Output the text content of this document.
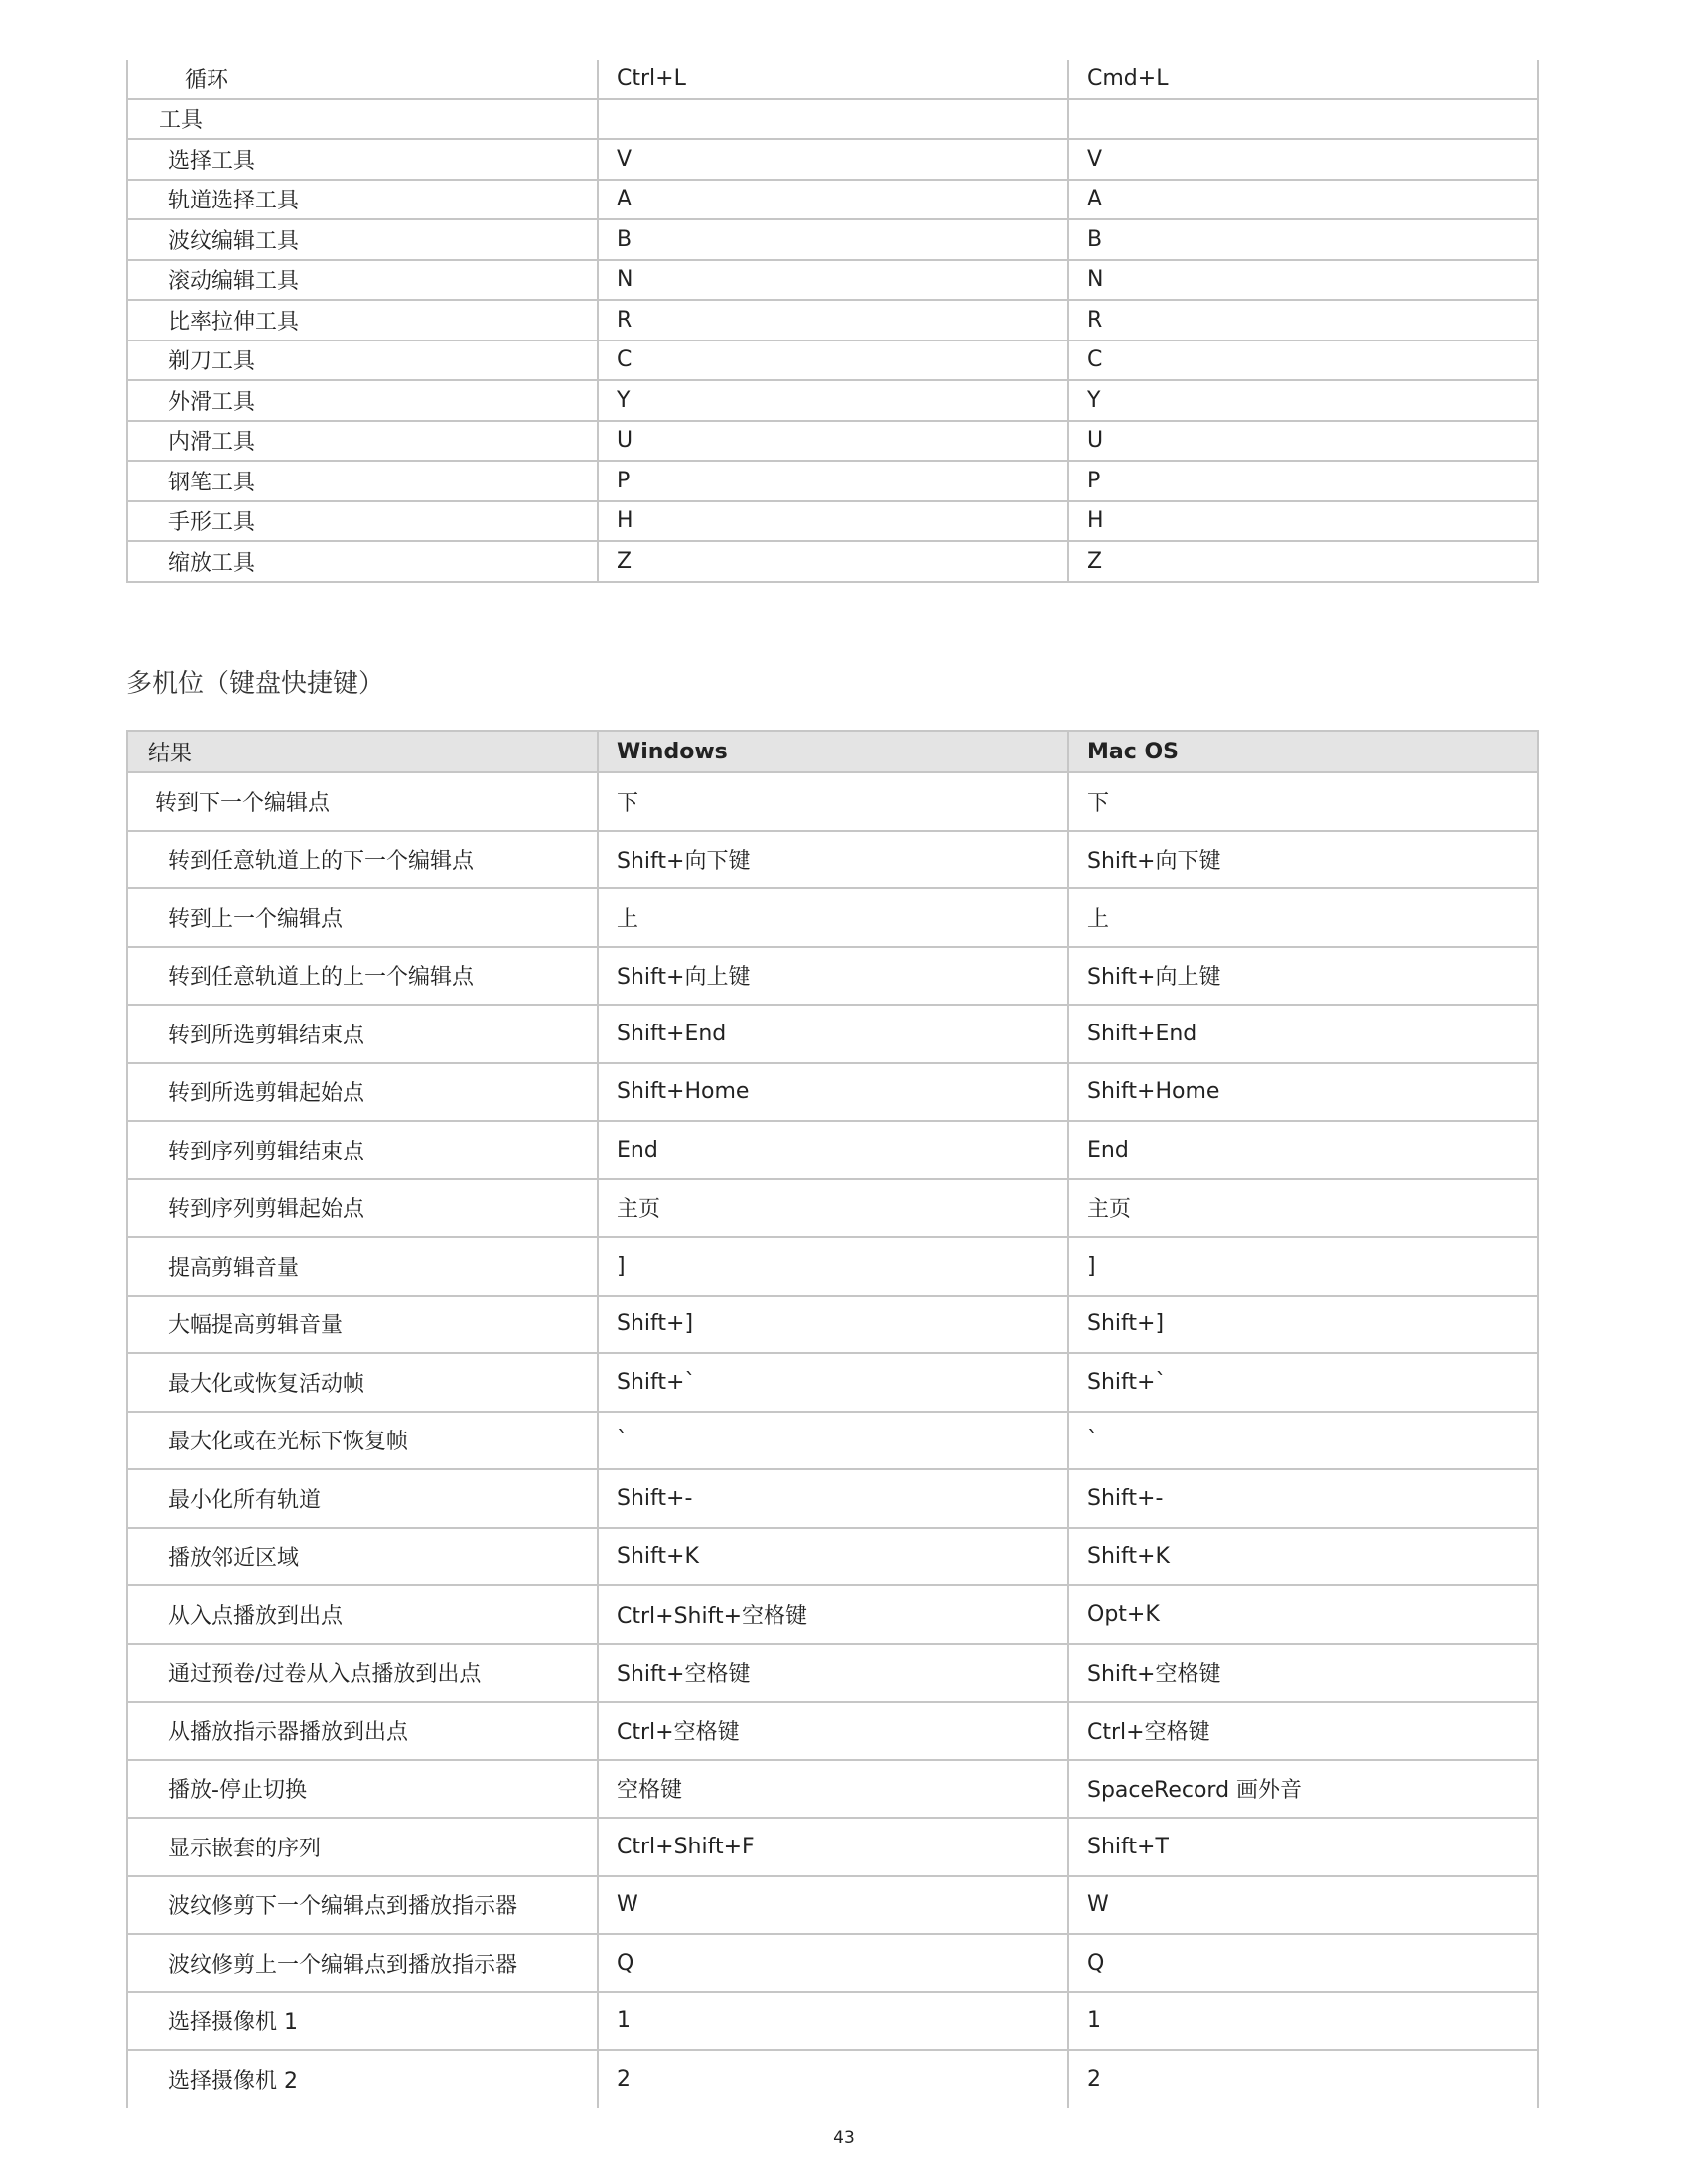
循环	Ctrl+L	Cmd+L
工具		
选择工具	V	V
轨道选择工具	A	A
波纹编辑工具	B	B
滚动编辑工具	N	N
比率拉伸工具	R	R
剃刀工具	C	C
外滑工具	Y	Y
内滑工具	U	U
钢笔工具	P	P
手形工具	H	H
缩放工具	Z	Z
多机位（键盘快捷键）
结果	Windows	Mac OS
转到下一个编辑点	下	下
转到任意轨道上的下一个编辑点	Shift+向下键	Shift+向下键
转到上一个编辑点	上	上
转到任意轨道上的上一个编辑点	Shift+向上键	Shift+向上键
转到所选剪辑结束点	Shift+End	Shift+End
转到所选剪辑起始点	Shift+Home	Shift+Home
转到序列剪辑结束点	End	End
转到序列剪辑起始点	主页	主页
提高剪辑音量	]	]
大幅提高剪辑音量	Shift+]	Shift+]
最大化或恢复活动帧	Shift+`	Shift+`
最大化或在光标下恢复帧	`	`
最小化所有轨道	Shift+-	Shift+-
播放邻近区域	Shift+K	Shift+K
从入点播放到出点	Ctrl+Shift+空格键	Opt+K
通过预卷/过卷从入点播放到出点	Shift+空格键	Shift+空格键
从播放指示器播放到出点	Ctrl+空格键	Ctrl+空格键
播放-停止切换	空格键	SpaceRecord 画外音
显示嵌套的序列	Ctrl+Shift+F	Shift+T
波纹修剪下一个编辑点到播放指示器	W	W
波纹修剪上一个编辑点到播放指示器	Q	Q
选择摄像机 1	1	1
选择摄像机 2	2	2
43
